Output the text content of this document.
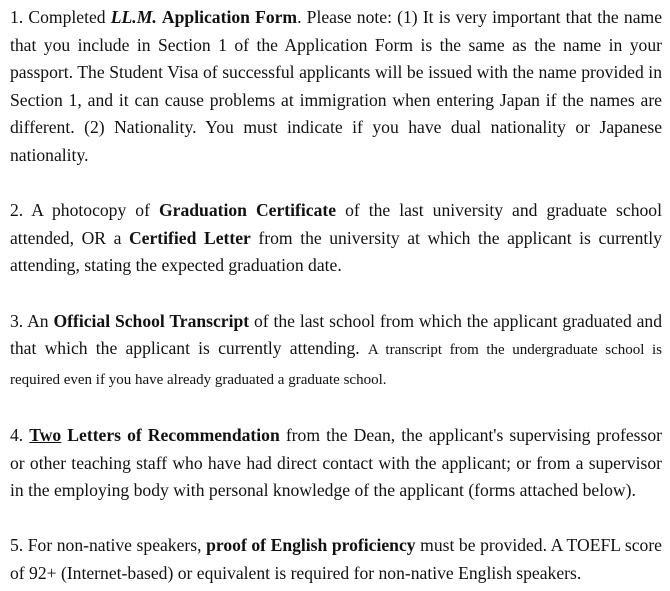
1. Completed LL.M. Application Form. Please note: (1) It is very important that the name that you include in Section 1 of the Application Form is the same as the name in your passport. The Student Visa of successful applicants will be issued with the name provided in Section 1, and it can cause problems at immigration when entering Japan if the names are different. (2) Nationality. You must indicate if you have dual nationality or Japanese nationality.

2. A photocopy of Graduation Certificate of the last university and graduate school attended, OR a Certified Letter from the university at which the applicant is currently attending, stating the expected graduation date.

3. An Official School Transcript of the last school from which the applicant graduated and that which the applicant is currently attending. A transcript from the undergraduate school is required even if you have already graduated a graduate school.

4. Two Letters of Recommendation from the Dean, the applicant's supervising professor or other teaching staff who have had direct contact with the applicant; or from a supervisor in the employing body with personal knowledge of the applicant (forms attached below).

5. For non-native speakers, proof of English proficiency must be provided. A TOEFL score of 92+ (Internet-based) or equivalent is required for non-native English speakers.
